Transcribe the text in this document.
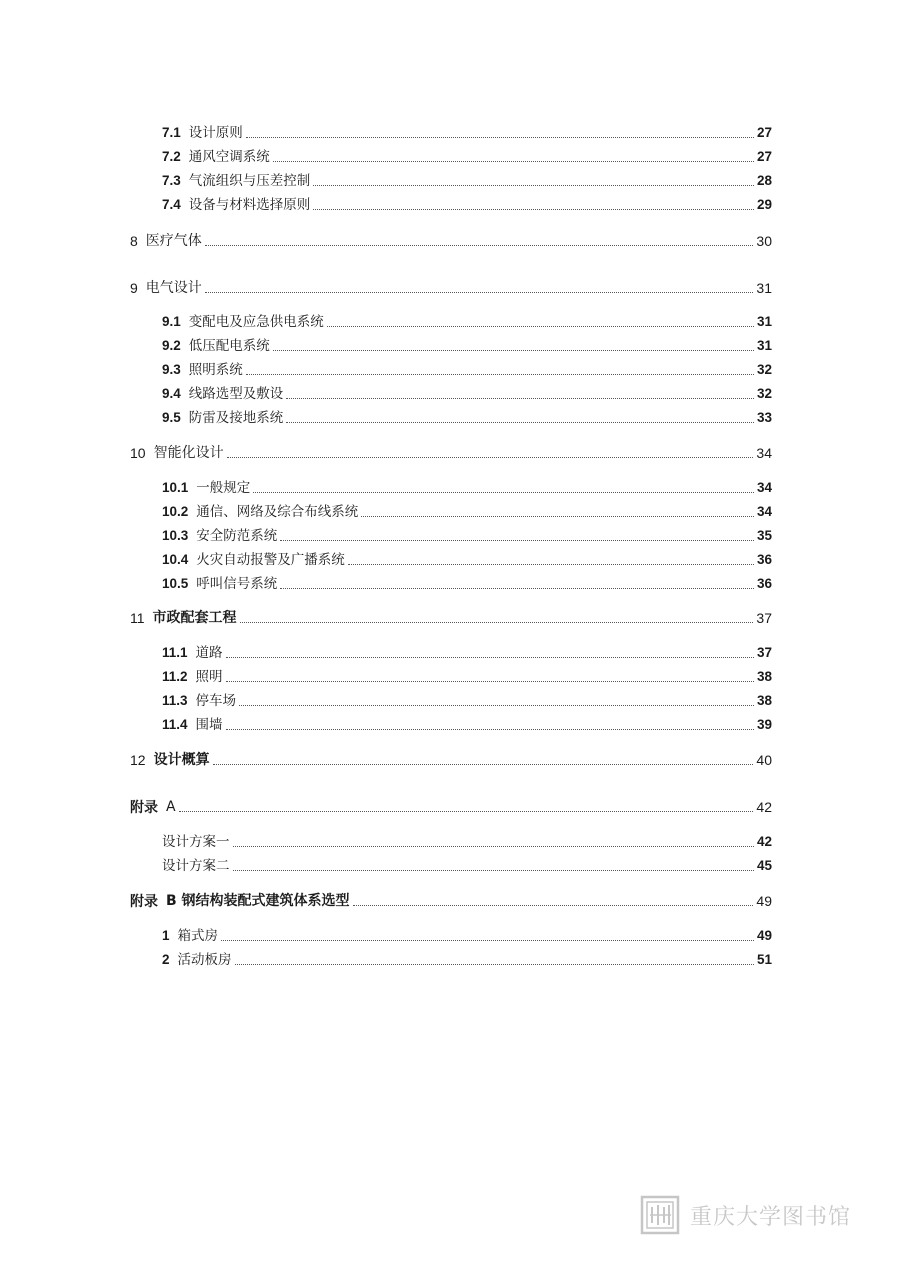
7.1 设计原则	27
7.2 通风空调系统	27
7.3 气流组织与压差控制	28
7.4 设备与材料选择原则	29
8 医疗气体	30
9 电气设计	31
9.1 变配电及应急供电系统	31
9.2 低压配电系统	31
9.3 照明系统	32
9.4 线路选型及敷设	32
9.5 防雷及接地系统	33
10 智能化设计	34
10.1 一般规定	34
10.2 通信、网络及综合布线系统	34
10.3 安全防范系统	35
10.4 火灾自动报警及广播系统	36
10.5 呼叫信号系统	36
11 市政配套工程	37
11.1 道路	37
11.2 照明	38
11.3 停车场	38
11.4 围墙	39
12 设计概算	40
附录 A	42
设计方案一	42
设计方案二	45
附录 B 钢结构装配式建筑体系选型	49
1 箱式房	49
2 活动板房	51
重庆大学图书馆
